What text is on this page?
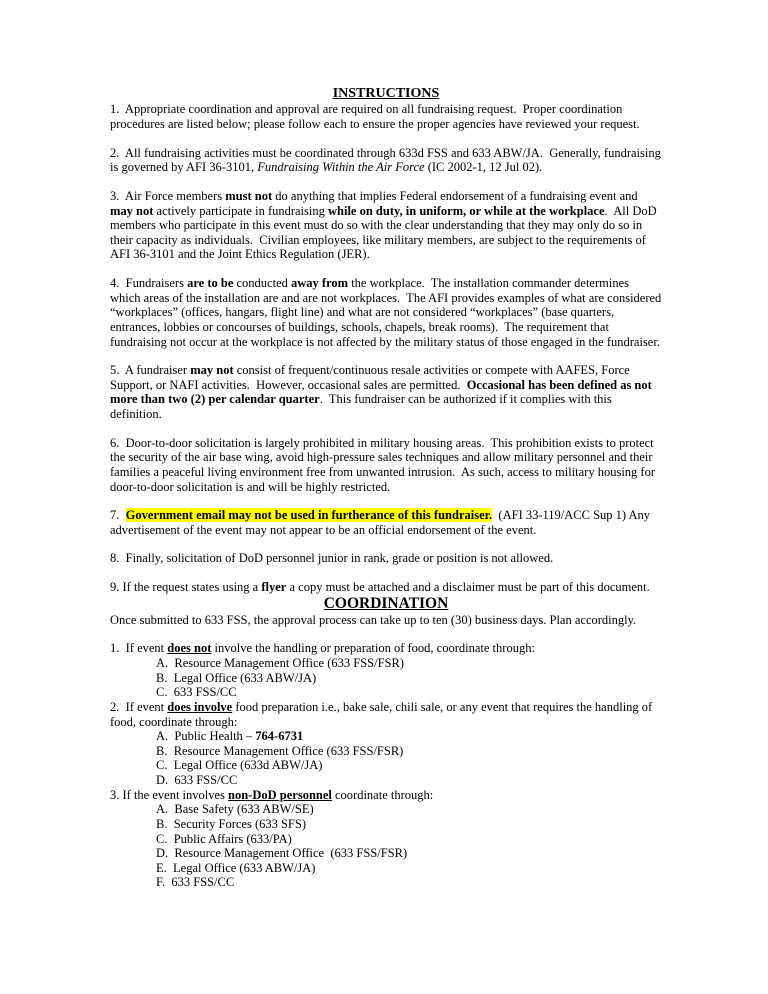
INSTRUCTIONS
1.  Appropriate coordination and approval are required on all fundraising request.  Proper coordination procedures are listed below; please follow each to ensure the proper agencies have reviewed your request.
2.  All fundraising activities must be coordinated through 633d FSS and 633 ABW/JA.  Generally, fundraising is governed by AFI 36-3101, Fundraising Within the Air Force (IC 2002-1, 12 Jul 02).
3.  Air Force members must not do anything that implies Federal endorsement of a fundraising event and may not actively participate in fundraising while on duty, in uniform, or while at the workplace.  All DoD members who participate in this event must do so with the clear understanding that they may only do so in their capacity as individuals.  Civilian employees, like military members, are subject to the requirements of AFI 36-3101 and the Joint Ethics Regulation (JER).
4.  Fundraisers are to be conducted away from the workplace.  The installation commander determines which areas of the installation are and are not workplaces.  The AFI provides examples of what are considered “workplaces” (offices, hangars, flight line) and what are not considered “workplaces” (base quarters, entrances, lobbies or concourses of buildings, schools, chapels, break rooms).  The requirement that fundraising not occur at the workplace is not affected by the military status of those engaged in the fundraiser.
5.  A fundraiser may not consist of frequent/continuous resale activities or compete with AAFES, Force Support, or NAFI activities.  However, occasional sales are permitted.  Occasional has been defined as not more than two (2) per calendar quarter.  This fundraiser can be authorized if it complies with this definition.
6.  Door-to-door solicitation is largely prohibited in military housing areas.  This prohibition exists to protect the security of the air base wing, avoid high-pressure sales techniques and allow military personnel and their families a peaceful living environment free from unwanted intrusion.  As such, access to military housing for door-to-door solicitation is and will be highly restricted.
7.  Government email may not be used in furtherance of this fundraiser.  (AFI 33-119/ACC Sup 1) Any advertisement of the event may not appear to be an official endorsement of the event.
8.  Finally, solicitation of DoD personnel junior in rank, grade or position is not allowed.
9. If the request states using a flyer a copy must be attached and a disclaimer must be part of this document.
COORDINATION
Once submitted to 633 FSS, the approval process can take up to ten (30) business days. Plan accordingly.
1.  If event does not involve the handling or preparation of food, coordinate through:
A.  Resource Management Office (633 FSS/FSR)
B.  Legal Office (633 ABW/JA)
C.  633 FSS/CC
2.  If event does involve food preparation i.e., bake sale, chili sale, or any event that requires the handling of food, coordinate through:
A.  Public Health – 764-6731
B.  Resource Management Office (633 FSS/FSR)
C.  Legal Office (633d ABW/JA)
D.  633 FSS/CC
3. If the event involves non-DoD personnel coordinate through:
A.  Base Safety (633 ABW/SE)
B.  Security Forces (633 SFS)
C.  Public Affairs (633/PA)
D.  Resource Management Office  (633 FSS/FSR)
E.  Legal Office (633 ABW/JA)
F.  633 FSS/CC
